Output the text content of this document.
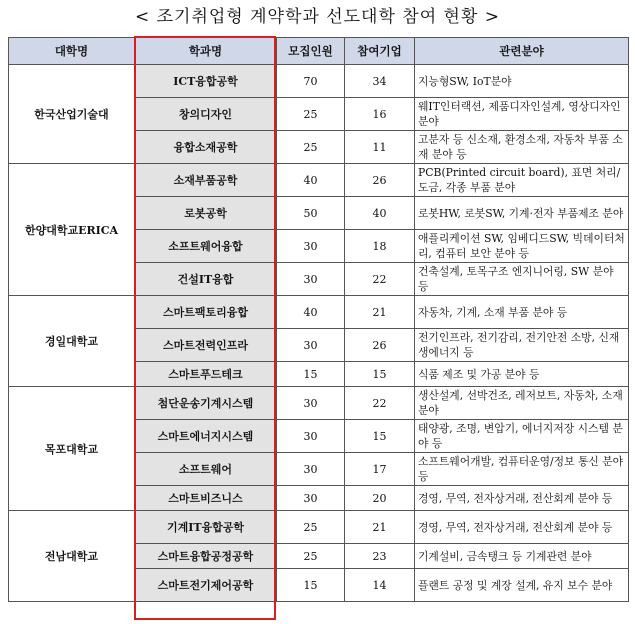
< 조기취업형 계약학과 선도대학 참여 현황 >
대학명	학과명	모집인원	참여기업	관련분야
한국산업기술대	ICT융합공학	70	34	지능형SW, IoT분야
	창의디자인	25	16	웨IT인터랙션, 제품디자인설계, 영상디자인분야
	융합소재공학	25	11	고분자 등 신소재, 환경소재, 자동차 부품 소재 분야 등
한양대학교ERICA	소재부품공학	40	26	PCB(Printed circuit board), 표면 처리/도금, 각종 부품 분야
	로봇공학	50	40	로봇HW, 로봇SW, 기계·전자 부품제조 분야
	소프트웨어융합	30	18	애플리케이션 SW, 임베디드SW, 빅데이터처리, 컴퓨터 보안 분야 등
	건설IT융합	30	22	건축설계, 토목구조 엔지니어링, SW 분야 등
경일대학교	스마트팩토리융합	40	21	자동차, 기계, 소재 부품 분야 등
	스마트전력인프라	30	26	전기인프라, 전기감리, 전기안전 소방, 신재생에너지 등
	스마트푸드테크	15	15	식품 제조 및 가공 분야 등
목포대학교	첨단운송기계시스템	30	22	생산설계, 선박건조, 레저보트, 자동차, 소재 분야
	스마트에너지시스템	30	15	태양광, 조명, 변압기, 에너지저장 시스템 분야 등
	소프트웨어	30	17	소프트웨어개발, 컴퓨터운영/정보 통신 분야 등
	스마트비즈니스	30	20	경영, 무역, 전자상거래, 전산회계 분야 등
전남대학교	기계IT융합공학	25	21	경영, 무역, 전자상거래, 전산회계 분야 등
	스마트융합공정공학	25	23	기계설비, 금속탱크 등 기계관련 분야
	스마트전기제어공학	15	14	플랜트 공정 및 계장 설계, 유지 보수 분야
